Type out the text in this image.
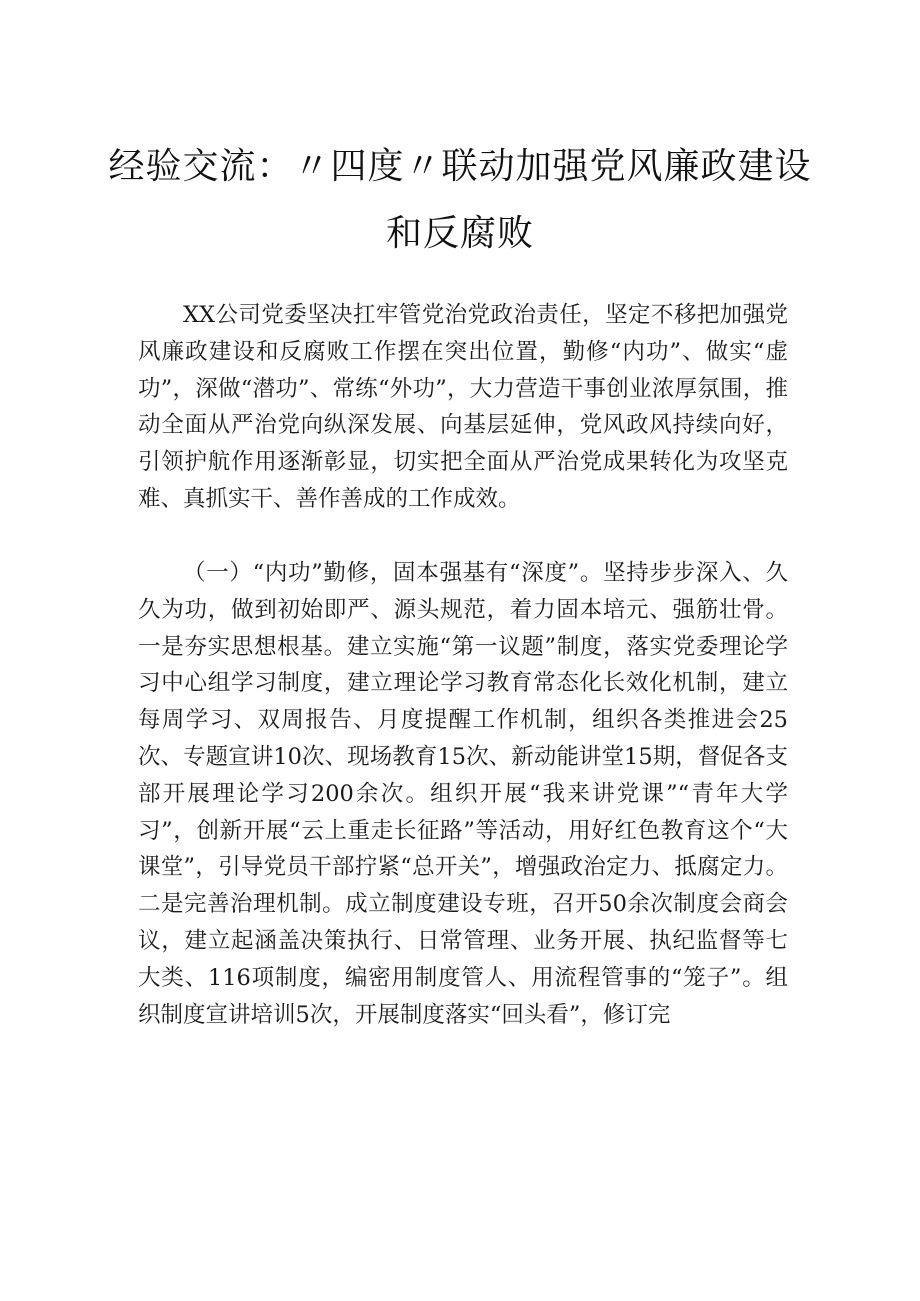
经验交流：〃四度〃联动加强党风廉政建设
和反腐败

XX公司党委坚决扛牢管党治党政治责任，坚定不移把加强党风廉政建设和反腐败工作摆在突出位置，勤修“内功”、做实“虚功”，深做“潜功”、常练“外功”，大力营造干事创业浓厚氛围，推动全面从严治党向纵深发展、向基层延伸，党风政风持续向好，引领护航作用逐渐彰显，切实把全面从严治党成果转化为攻坚克难、真抓实干、善作善成的工作成效。

（一）“内功”勤修，固本强基有“深度”。坚持步步深入、久久为功，做到初始即严、源头规范，着力固本培元、强筋壮骨。一是夯实思想根基。建立实施“第一议题”制度，落实党委理论学习中心组学习制度，建立理论学习教育常态化长效化机制，建立每周学习、双周报告、月度提醒工作机制，组织各类推进会25次、专题宣讲10次、现场教育15次、新动能讲堂15期，督促各支部开展理论学习200余次。组织开展“我来讲党课”“青年大学习”，创新开展“云上重走长征路”等活动，用好红色教育这个“大课堂”，引导党员干部拧紧“总开关”，增强政治定力、抵腐定力。二是完善治理机制。成立制度建设专班，召开50余次制度会商会议，建立起涵盖决策执行、日常管理、业务开展、执纪监督等七大类、116项制度，编密用制度管人、用流程管事的“笼子”。组织制度宣讲培训5次，开展制度落实“回头看”，修订完
